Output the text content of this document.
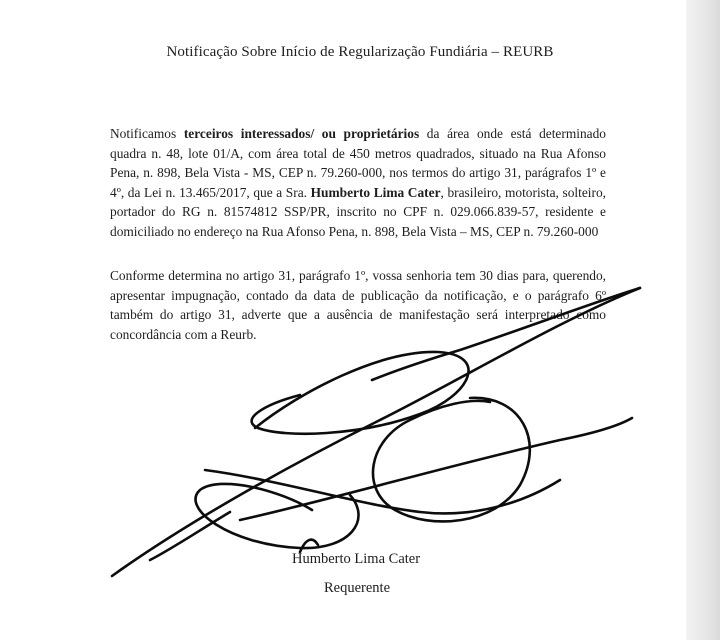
Notificação Sobre Início de Regularização Fundiária – REURB
Notificamos terceiros interessados/ ou proprietários da área onde está determinado quadra n. 48, lote 01/A, com área total de 450 metros quadrados, situado na Rua Afonso Pena, n. 898, Bela Vista - MS, CEP n. 79.260-000, nos termos do artigo 31, parágrafos 1º e 4º, da Lei n. 13.465/2017, que a Sra. Humberto Lima Cater, brasileiro, motorista, solteiro, portador do RG n. 81574812 SSP/PR, inscrito no CPF n. 029.066.839-57, residente e domiciliado no endereço na Rua Afonso Pena, n. 898, Bela Vista – MS, CEP n. 79.260-000
Conforme determina no artigo 31, parágrafo 1º, vossa senhoria tem 30 dias para, querendo, apresentar impugnação, contado da data de publicação da notificação, e o parágrafo 6º também do artigo 31, adverte que a ausência de manifestação será interpretado como concordância com a Reurb.
Humberto Lima Cater
Requerente
